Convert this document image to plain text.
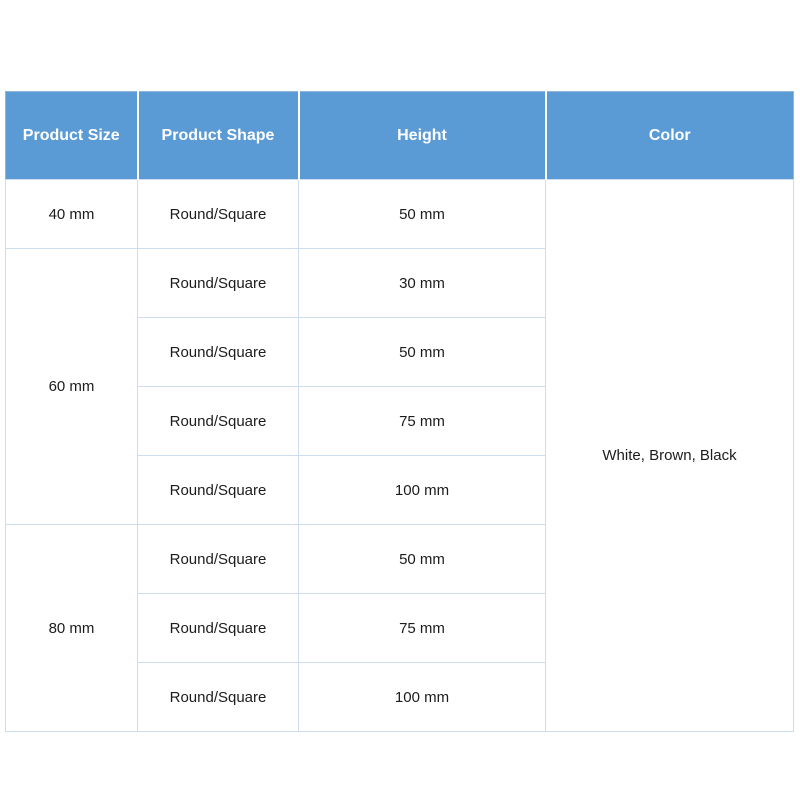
Product Size	Product Shape	Height	Color
40 mm	Round/Square	50 mm	White, Brown, Black
60 mm	Round/Square	30 mm	
	Round/Square	50 mm	
	Round/Square	75 mm	
	Round/Square	100 mm	
80 mm	Round/Square	50 mm	
	Round/Square	75 mm	
	Round/Square	100 mm	
